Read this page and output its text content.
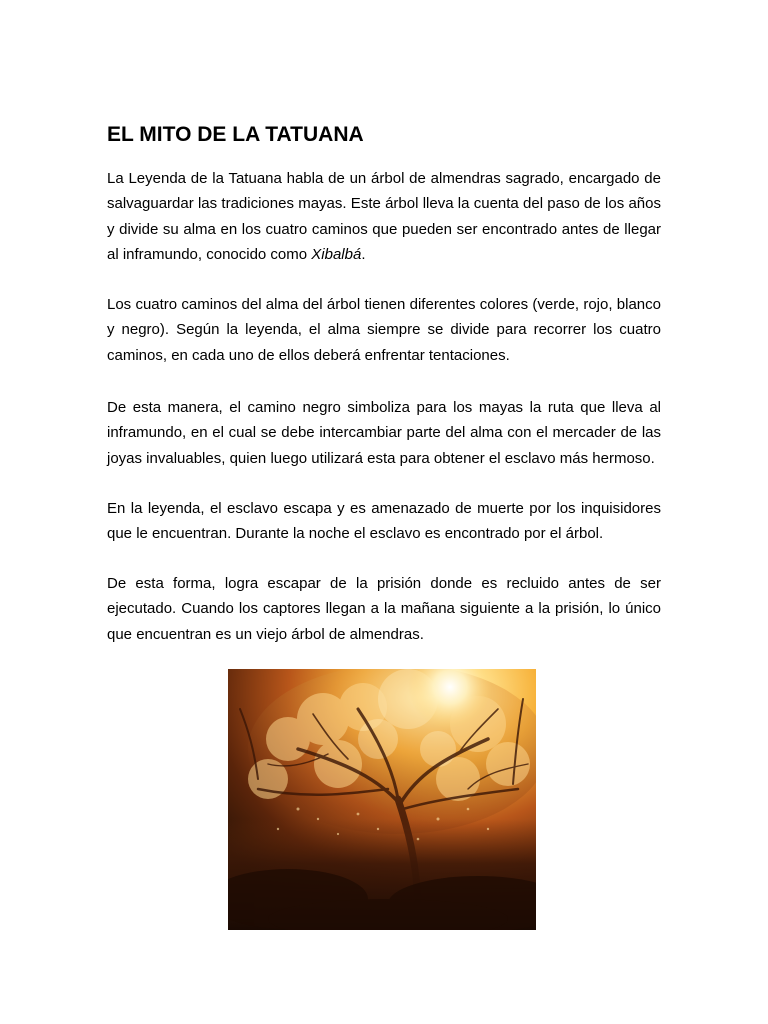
EL MITO DE LA TATUANA

La Leyenda de la Tatuana habla de un árbol de almendras sagrado, encargado de salvaguardar las tradiciones mayas. Este árbol lleva la cuenta del paso de los años y divide su alma en los cuatro caminos que pueden ser encontrado antes de llegar al inframundo, conocido como Xibalbá.

Los cuatro caminos del alma del árbol tienen diferentes colores (verde, rojo, blanco y negro). Según la leyenda, el alma siempre se divide para recorrer los cuatro caminos, en cada uno de ellos deberá enfrentar tentaciones.

De esta manera, el camino negro simboliza para los mayas la ruta que lleva al inframundo, en el cual se debe intercambiar parte del alma con el mercader de las joyas invaluables, quien luego utilizará esta para obtener el esclavo más hermoso.

En la leyenda, el esclavo escapa y es amenazado de muerte por los inquisidores que le encuentran. Durante la noche el esclavo es encontrado por el árbol.

De esta forma, logra escapar de la prisión donde es recluido antes de ser ejecutado. Cuando los captores llegan a la mañana siguiente a la prisión, lo único que encuentran es un viejo árbol de almendras.
